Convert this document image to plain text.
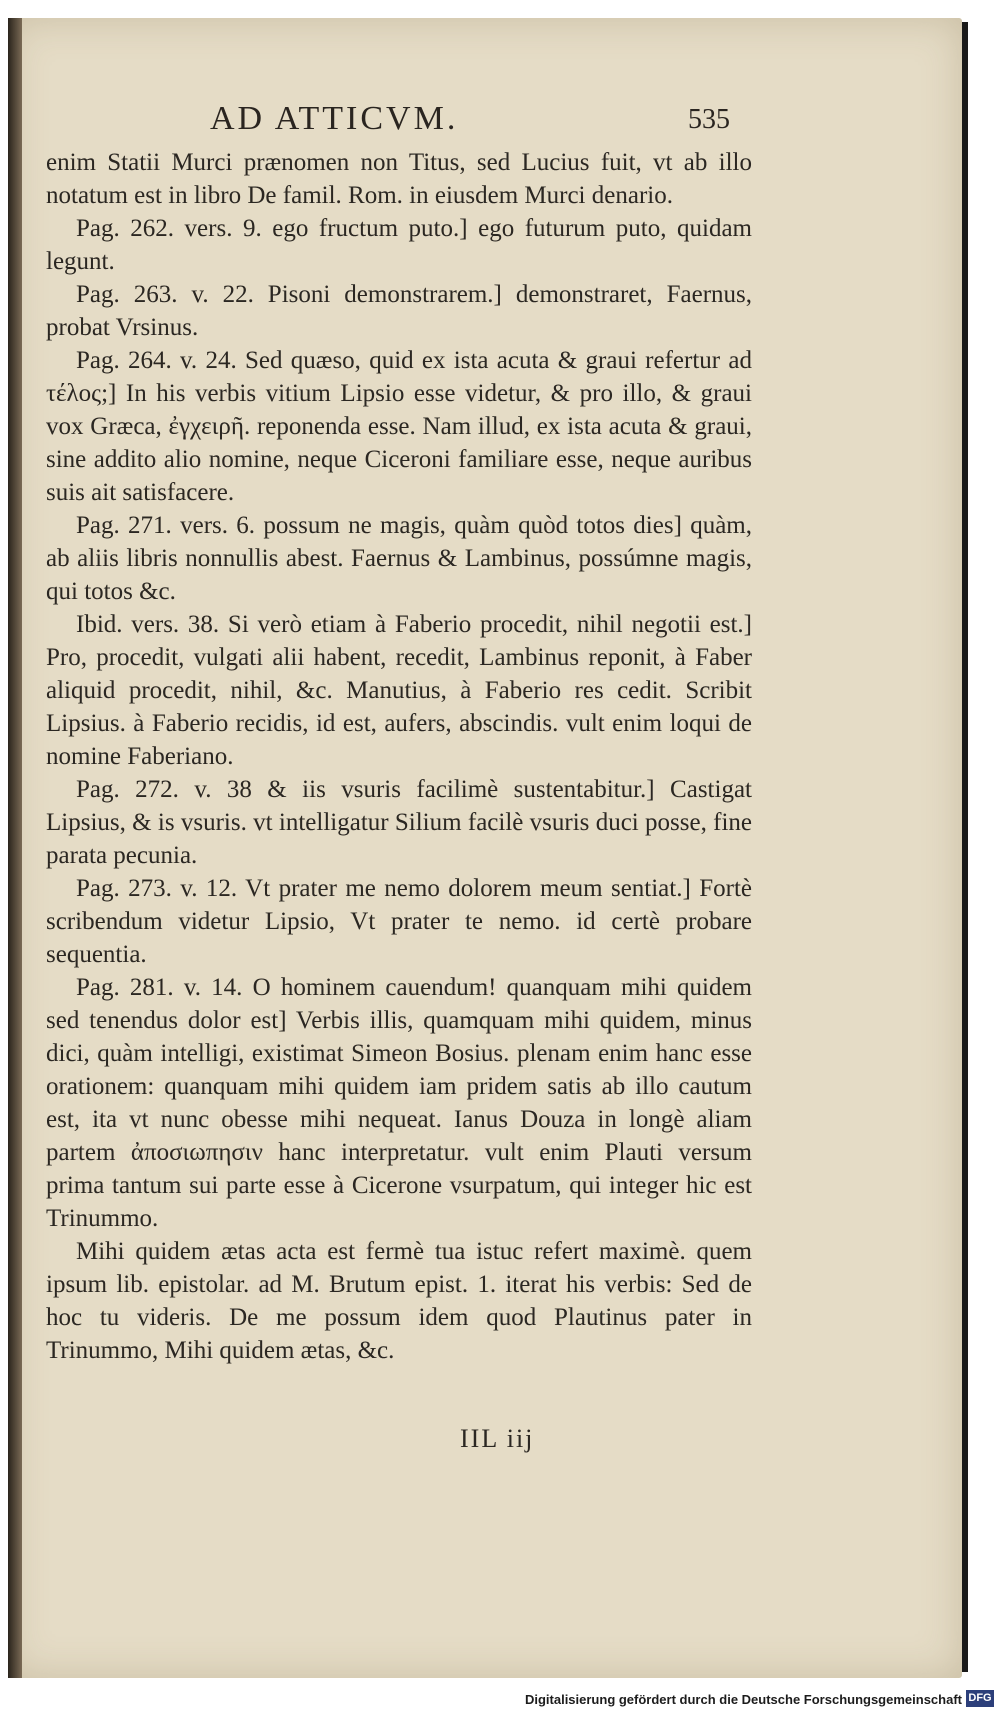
AD ATTICVM.	535

enim Statii Murci prænomen non Titus, sed Lucius fuit, vt ab illo notatum est in libro De famil. Rom. in eiusdem Murci denario.

Pag. 262. vers. 9. ego fructum puto.] ego futurum puto, quidam legunt.

Pag. 263. v. 22. Pisoni demonstrarem.] demonstraret, Faernus, probat Vrsinus.

Pag. 264. v. 24. Sed quæso, quid ex ista acuta & graui refertur ad τέλος;] In his verbis vitium Lipsio esse videtur, & pro illo, & graui vox Græca, ἐγχειρῆ. reponenda esse. Nam illud, ex ista acuta & graui, sine addito alio nomine, neque Ciceroni familiare esse, neque auribus suis ait satisfacere.

Pag. 271. vers. 6. possum ne magis, quàm quòd totos dies] quàm, ab aliis libris nonnullis abest. Faernus & Lambinus, possúmne magis, qui totos &c.

Ibid. vers. 38. Si verò etiam à Faberio procedit, nihil negotii est.] Pro, procedit, vulgati alii habent, recedit, Lambinus reponit, à Faber aliquid procedit, nihil, &c. Manutius, à Faberio res cedit. Scribit Lipsius. à Faberio recidis, id est, aufers, abscindis. vult enim loqui de nomine Faberiano.

Pag. 272. v. 38 & iis vsuris facilimè sustentabitur.] Castigat Lipsius, & is vsuris. vt intelligatur Silium facilè vsuris duci posse, fine parata pecunia.

Pag. 273. v. 12. Vt prater me nemo dolorem meum sentiat.] Fortè scribendum videtur Lipsio, Vt prater te nemo. id certè probare sequentia.

Pag. 281. v. 14. O hominem cauendum! quanquam mihi quidem sed tenendus dolor est] Verbis illis, quamquam mihi quidem, minus dici, quàm intelligi, existimat Simeon Bosius. plenam enim hanc esse orationem: quanquam mihi quidem iam pridem satis ab illo cautum est, ita vt nunc obesse mihi nequeat. Ianus Douza in longè aliam partem ἀποσιωπησιν hanc interpretatur. vult enim Plauti versum prima tantum sui parte esse à Cicerone vsurpatum, qui integer hic est Trinummo.

Mihi quidem ætas acta est fermè tua istuc refert maximè. quem ipsum lib. epistolar. ad M. Brutum epist. 1. iterat his verbis: Sed de hoc tu videris. De me possum idem quod Plautinus pater in Trinummo, Mihi quidem ætas, &c.

IIL iij
Digitalisierung gefördert durch die Deutsche Forschungsgemeinschaft DFG
